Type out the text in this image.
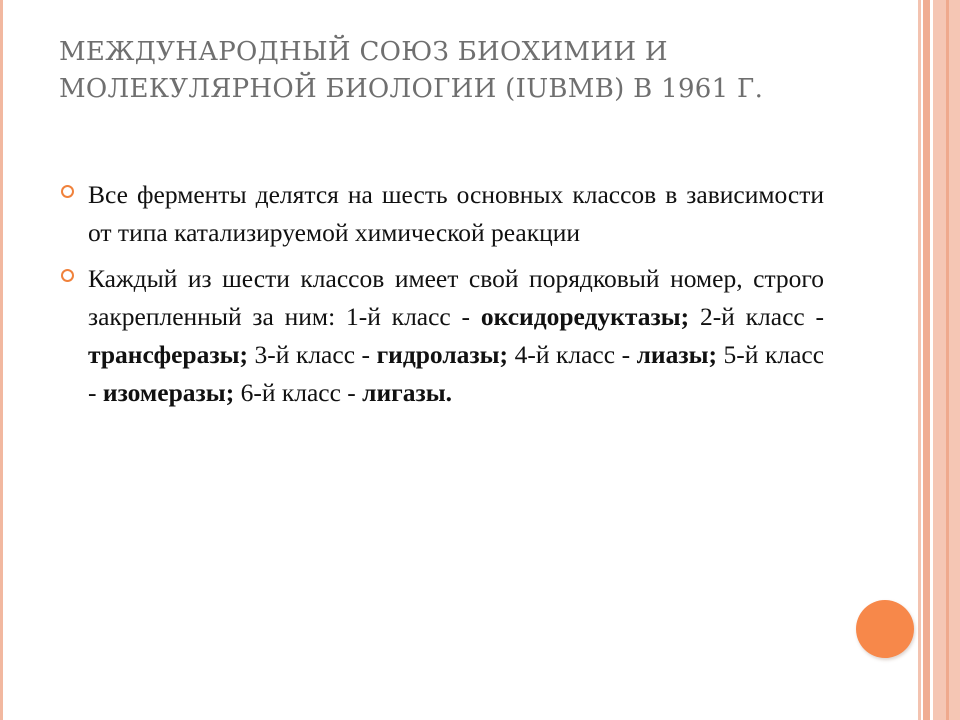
МЕЖДУНАРОДНЫЙ СОЮЗ БИОХИМИИ И МОЛЕКУЛЯРНОЙ БИОЛОГИИ (IUBMB) В 1961 Г.
Все ферменты делятся на шесть основных классов в зависимости от типа катализируемой химической реакции
Каждый из шести классов имеет свой порядковый номер, строго закрепленный за ним: 1-й класс - оксидоредуктазы; 2-й класс - трансферазы; 3-й класс - гидролазы; 4-й класс - лиазы; 5-й класс - изомеразы; 6-й класс - лигазы.
